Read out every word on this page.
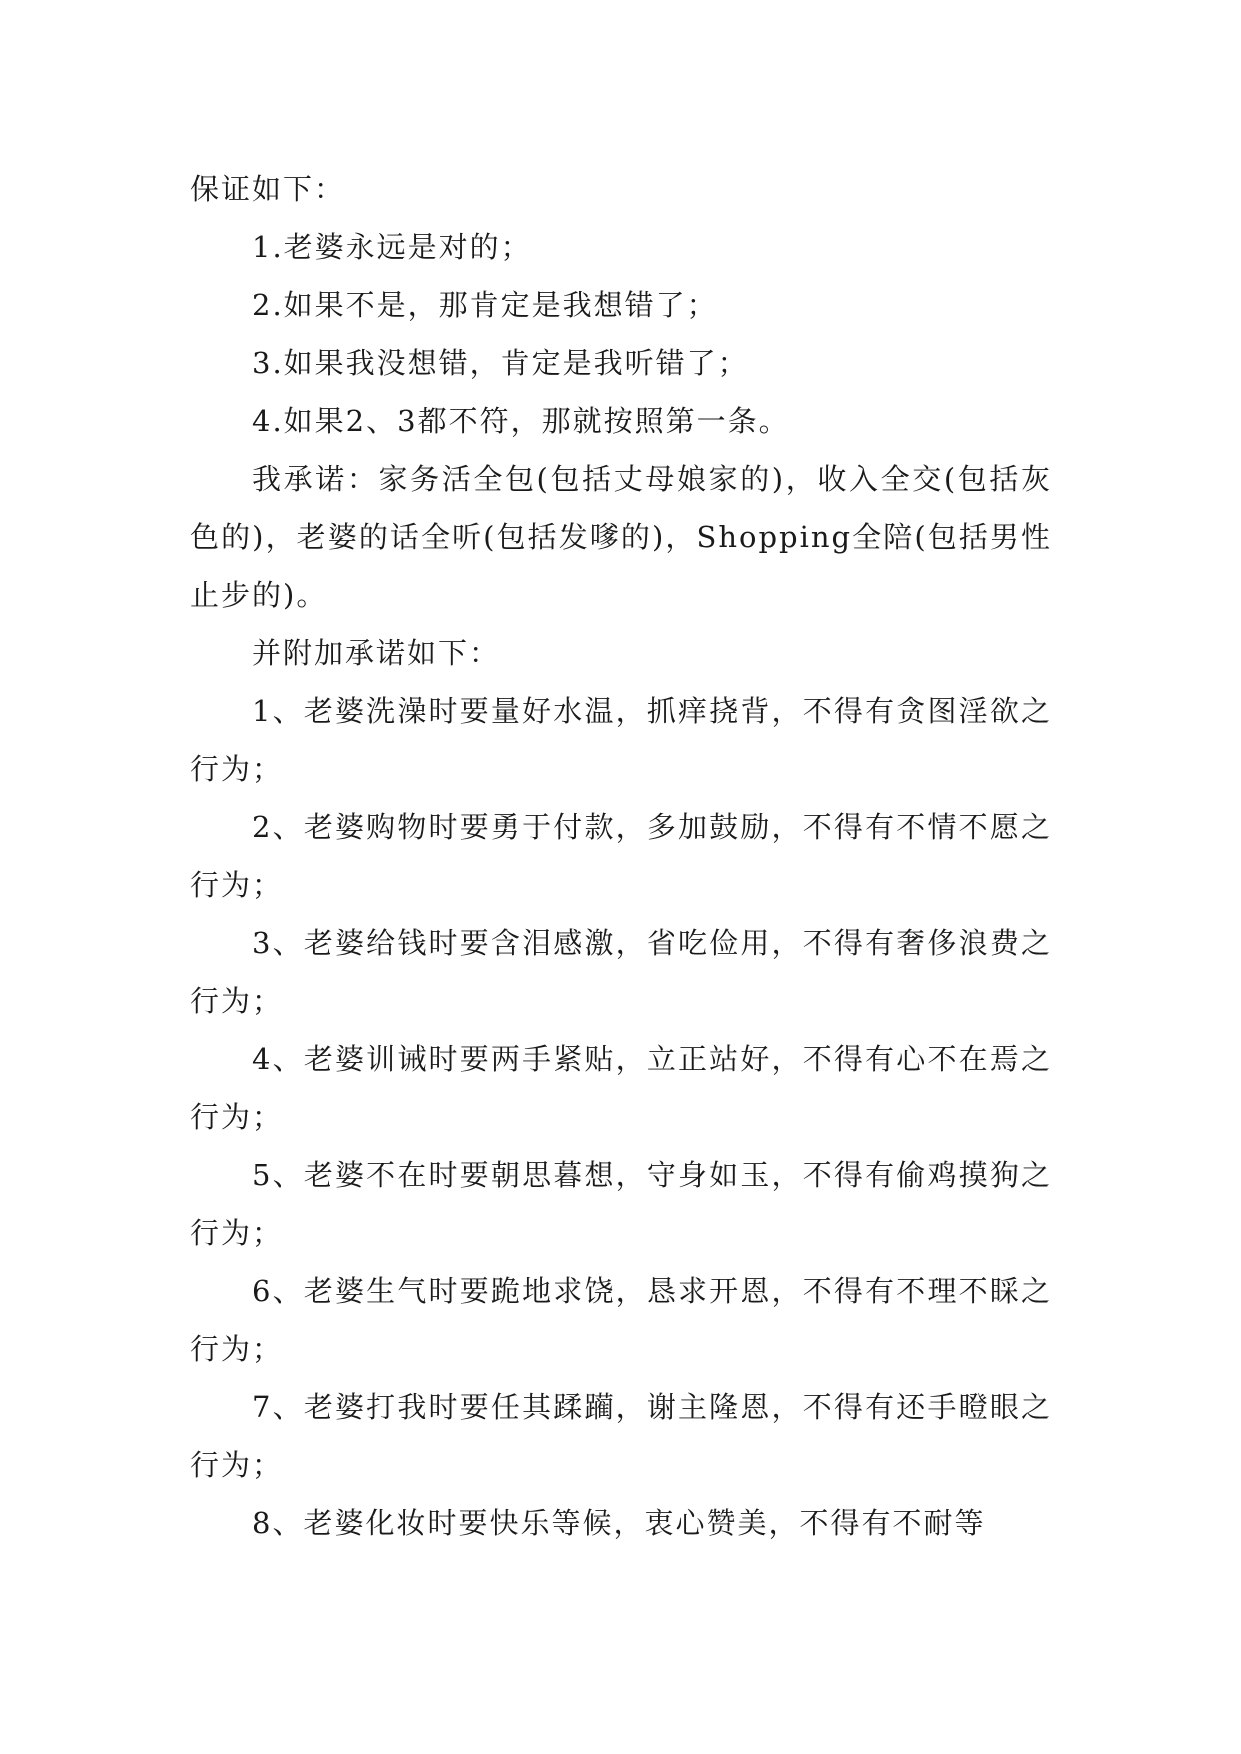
保证如下：

1.老婆永远是对的；

2.如果不是，那肯定是我想错了；

3.如果我没想错，肯定是我听错了；

4.如果2、3都不符，那就按照第一条。

我承诺：家务活全包(包括丈母娘家的)，收入全交(包括灰色的)，老婆的话全听(包括发嗲的)，Shopping全陪(包括男性止步的)。

并附加承诺如下：

1、老婆洗澡时要量好水温，抓痒挠背，不得有贪图淫欲之行为；

2、老婆购物时要勇于付款，多加鼓励，不得有不情不愿之行为；

3、老婆给钱时要含泪感激，省吃俭用，不得有奢侈浪费之行为；

4、老婆训诫时要两手紧贴，立正站好，不得有心不在焉之行为；

5、老婆不在时要朝思暮想，守身如玉，不得有偷鸡摸狗之行为；

6、老婆生气时要跪地求饶，恳求开恩，不得有不理不睬之行为；

7、老婆打我时要任其蹂躏，谢主隆恩，不得有还手瞪眼之行为；

8、老婆化妆时要快乐等候，衷心赞美，不得有不耐等
